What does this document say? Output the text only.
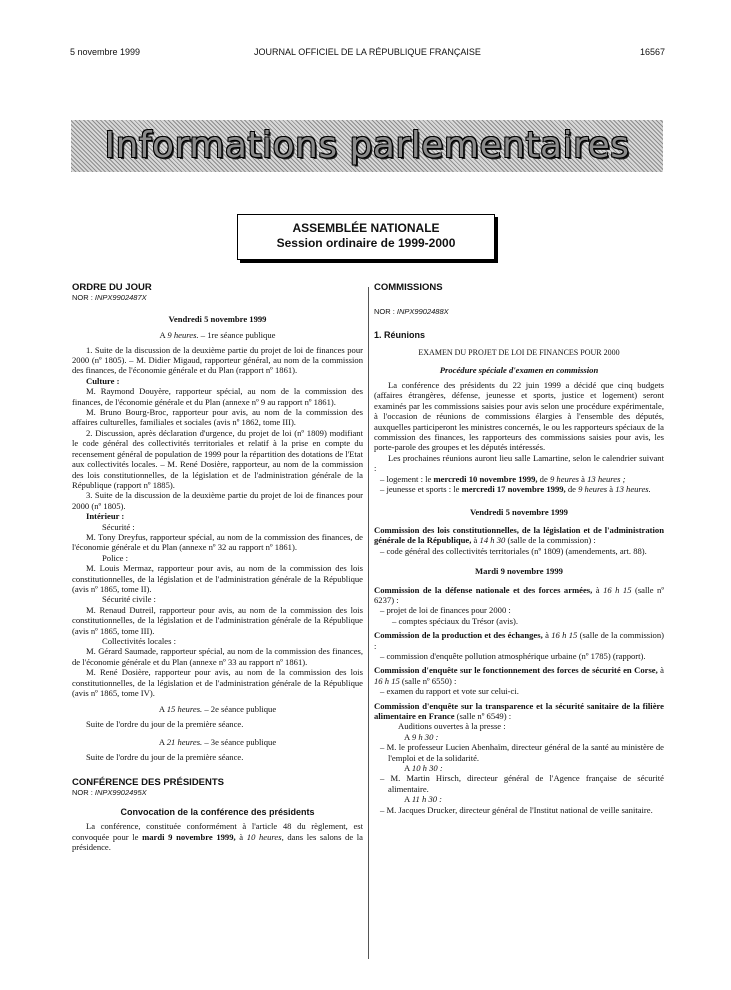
5 novembre 1999	JOURNAL OFFICIEL DE LA RÉPUBLIQUE FRANÇAISE	16567
Informations parlementaires
ASSEMBLÉE NATIONALE
Session ordinaire de 1999-2000

ORDRE DU JOUR

NOR : INPX9902487X

Vendredi 5 novembre 1999

A 9 heures. – 1re séance publique

1. Suite de la discussion de la deuxième partie du projet de loi de finances pour 2000 (nº 1805). – M. Didier Migaud, rapporteur général, au nom de la commission des finances, de l'économie générale et du Plan (rapport nº 1861).

Culture :

M. Raymond Douyère, rapporteur spécial, au nom de la commission des finances, de l'économie générale et du Plan (annexe nº 9 au rapport nº 1861).

M. Bruno Bourg-Broc, rapporteur pour avis, au nom de la commission des affaires culturelles, familiales et sociales (avis nº 1862, tome III).

2. Discussion, après déclaration d'urgence, du projet de loi (nº 1809) modifiant le code général des collectivités territoriales et relatif à la prise en compte du recensement général de population de 1999 pour la répartition des dotations de l'Etat aux collectivités locales. – M. René Dosière, rapporteur, au nom de la commission des lois constitutionnelles, de la législation et de l'administration générale de la République (rapport nº 1885).

3. Suite de la discussion de la deuxième partie du projet de loi de finances pour 2000 (nº 1805).

Intérieur :

Sécurité :

M. Tony Dreyfus, rapporteur spécial, au nom de la commission des finances, de l'économie générale et du Plan (annexe nº 32 au rapport nº 1861).

Police :

M. Louis Mermaz, rapporteur pour avis, au nom de la commission des lois constitutionnelles, de la législation et de l'administration générale de la République (avis nº 1865, tome II).

Sécurité civile :

M. Renaud Dutreil, rapporteur pour avis, au nom de la commission des lois constitutionnelles, de la législation et de l'administration générale de la République (avis nº 1865, tome III).

Collectivités locales :

M. Gérard Saumade, rapporteur spécial, au nom de la commission des finances, de l'économie générale et du Plan (annexe nº 33 au rapport nº 1861).

M. René Dosière, rapporteur pour avis, au nom de la commission des lois constitutionnelles, de la législation et de l'administration générale de la République (avis nº 1865, tome IV).

A 15 heures. – 2e séance publique

Suite de l'ordre du jour de la première séance.

A 21 heures. – 3e séance publique

Suite de l'ordre du jour de la première séance.

CONFÉRENCE DES PRÉSIDENTS

NOR : INPX9902495X

Convocation de la conférence des présidents

La conférence, constituée conformément à l'article 48 du règlement, est convoquée pour le mardi 9 novembre 1999, à 10 heures, dans les salons de la présidence.

COMMISSIONS

NOR : INPX9902488X

1. Réunions

EXAMEN DU PROJET DE LOI DE FINANCES POUR 2000

Procédure spéciale d'examen en commission

La conférence des présidents du 22 juin 1999 a décidé que cinq budgets (affaires étrangères, défense, jeunesse et sports, justice et logement) seront examinés par les commissions saisies pour avis selon une procédure expérimentale, à l'occasion de réunions de commissions élargies à l'ensemble des députés, auxquelles participeront les ministres concernés, le ou les rapporteurs spéciaux de la commission des finances, les rapporteurs des commissions saisies pour avis, les porte-parole des groupes et les députés intéressés.

Les prochaines réunions auront lieu salle Lamartine, selon le calendrier suivant :

– logement : le mercredi 10 novembre 1999, de 9 heures à 13 heures ;

– jeunesse et sports : le mercredi 17 novembre 1999, de 9 heures à 13 heures.

Vendredi 5 novembre 1999

Commission des lois constitutionnelles, de la législation et de l'administration générale de la République, à 14 h 30 (salle de la commission) :

– code général des collectivités territoriales (nº 1809) (amendements, art. 88).

Mardi 9 novembre 1999

Commission de la défense nationale et des forces armées, à 16 h 15 (salle nº 6237) :

– projet de loi de finances pour 2000 :

– comptes spéciaux du Trésor (avis).

Commission de la production et des échanges, à 16 h 15 (salle de la commission) :

– commission d'enquête pollution atmosphérique urbaine (nº 1785) (rapport).

Commission d'enquête sur le fonctionnement des forces de sécurité en Corse, à 16 h 15 (salle nº 6550) :

– examen du rapport et vote sur celui-ci.

Commission d'enquête sur la transparence et la sécurité sanitaire de la filière alimentaire en France (salle nº 6549) :

Auditions ouvertes à la presse :

A 9 h 30 :

– M. le professeur Lucien Abenhaïm, directeur général de la santé au ministère de l'emploi et de la solidarité.

A 10 h 30 :

– M. Martin Hirsch, directeur général de l'Agence française de sécurité alimentaire.

A 11 h 30 :

– M. Jacques Drucker, directeur général de l'Institut national de veille sanitaire.
